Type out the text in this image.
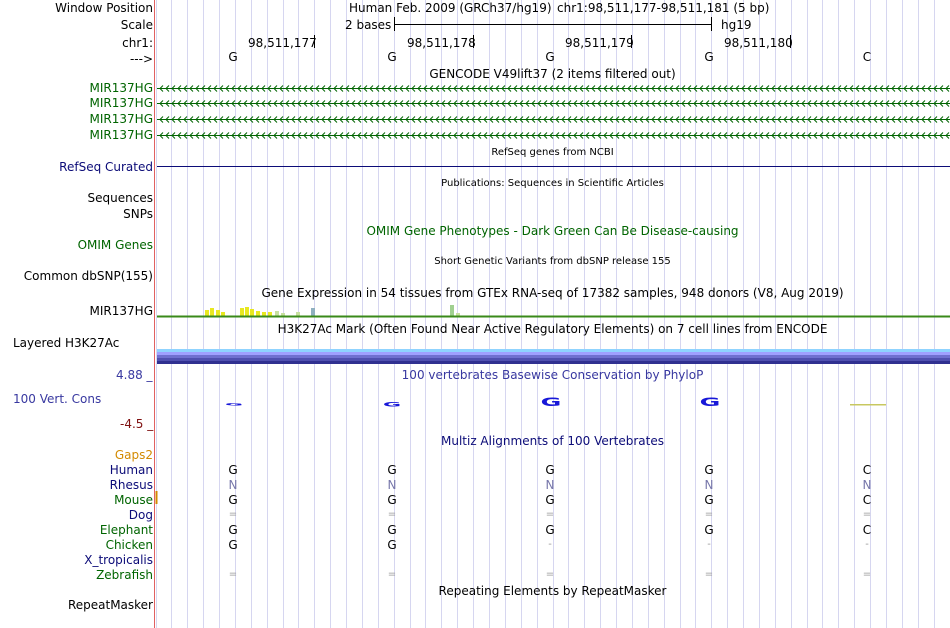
G	G	G	G
Window Position
Scale
chr1:
--->
Human Feb. 2009 (GRCh37/hg19) chr1:98,511,177-98,511,181 (5 bp)
2 bases	hg19
98,511,177	98,511,178	98,511,179	98,511,180
G	G	G	G	C
GENCODE V49lift37 (2 items filtered out)
MIR137HG
MIR137HG
MIR137HG
MIR137HG
RefSeq genes from NCBI
RefSeq Curated
Publications: Sequences in Scientific Articles
Sequences
SNPs
OMIM Gene Phenotypes - Dark Green Can Be Disease-causing
OMIM Genes
Short Genetic Variants from dbSNP release 155
Common dbSNP(155)
Gene Expression in 54 tissues from GTEx RNA-seq of 17382 samples, 948 donors (V8, Aug 2019)
MIR137HG
H3K27Ac Mark (Often Found Near Active Regulatory Elements) on 7 cell lines from ENCODE
Layered H3K27Ac
4.88 _	100 vertebrates Basewise Conservation by PhyloP
100 Vert. Cons
-4.5 _
Multiz Alignments of 100 Vertebrates
Gaps2
Human	G	G	G	G	C
Rhesus	N	N	N	N	N
Mouse	G	G	G	G	C
Dog	=	=	=	=	=
Elephant	G	G	G	G	C
Chicken	G	G	-	-	-
X_tropicalis
Zebrafish	=	=	=	=	=
Repeating Elements by RepeatMasker
RepeatMasker
